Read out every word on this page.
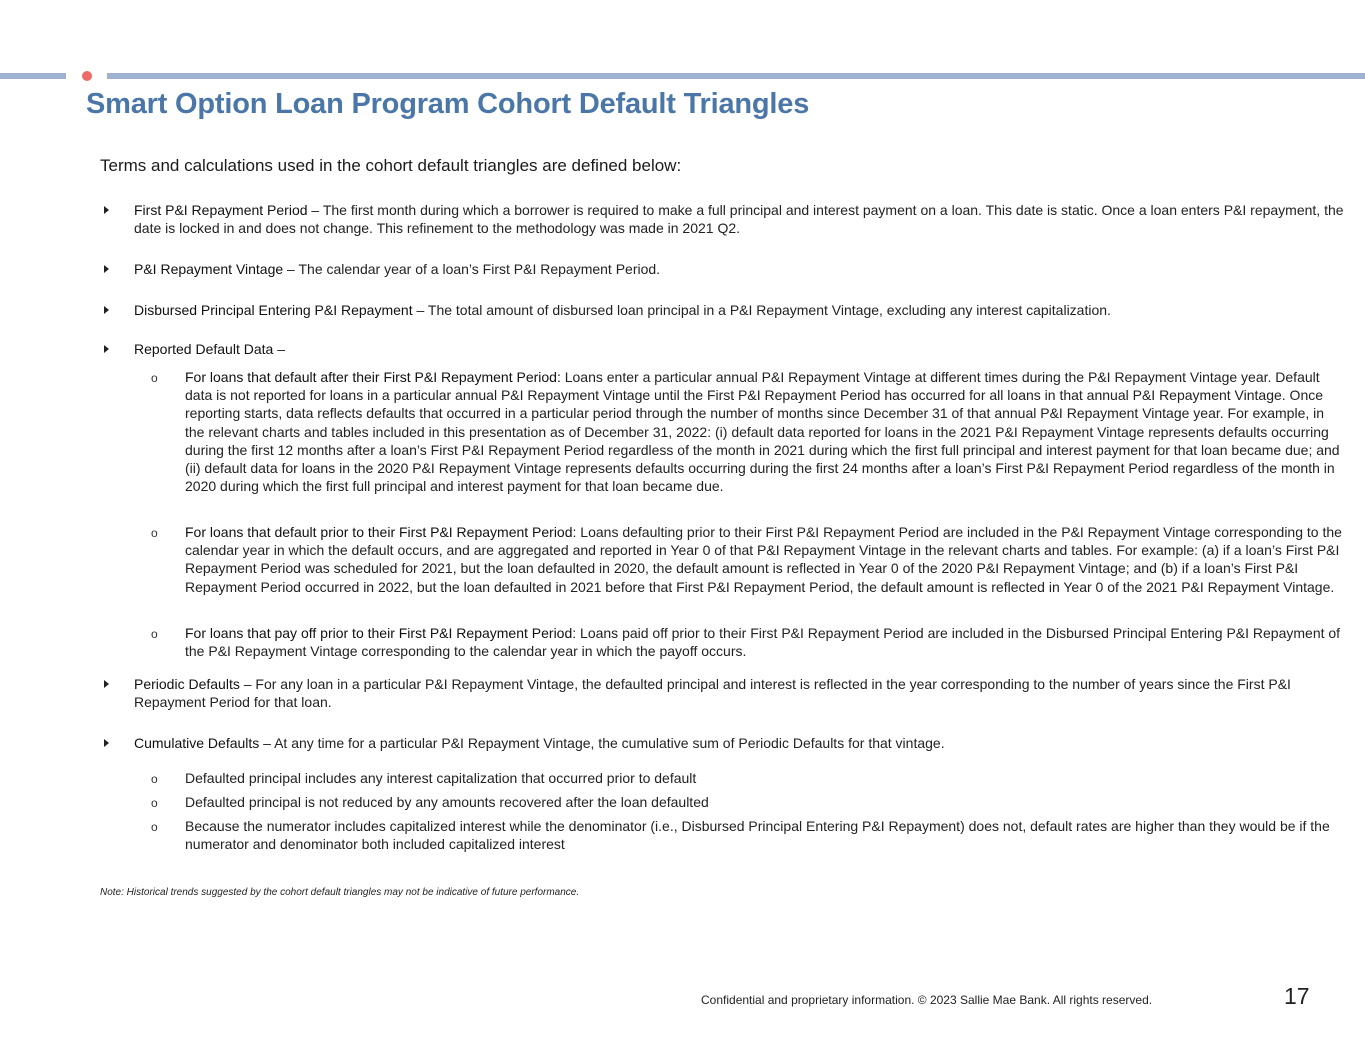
Smart Option Loan Program Cohort Default Triangles
Terms and calculations used in the cohort default triangles are defined below:
First P&I Repayment Period – The first month during which a borrower is required to make a full principal and interest payment on a loan. This date is static. Once a loan enters P&I repayment, the date is locked in and does not change. This refinement to the methodology was made in 2021 Q2.
P&I Repayment Vintage – The calendar year of a loan’s First P&I Repayment Period.
Disbursed Principal Entering P&I Repayment – The total amount of disbursed loan principal in a P&I Repayment Vintage, excluding any interest capitalization.
Reported Default Data –
o For loans that default after their First P&I Repayment Period: Loans enter a particular annual P&I Repayment Vintage at different times during the P&I Repayment Vintage year. Default data is not reported for loans in a particular annual P&I Repayment Vintage until the First P&I Repayment Period has occurred for all loans in that annual P&I Repayment Vintage. Once reporting starts, data reflects defaults that occurred in a particular period through the number of months since December 31 of that annual P&I Repayment Vintage year. For example, in the relevant charts and tables included in this presentation as of December 31, 2022: (i) default data reported for loans in the 2021 P&I Repayment Vintage represents defaults occurring during the first 12 months after a loan’s First P&I Repayment Period regardless of the month in 2021 during which the first full principal and interest payment for that loan became due; and (ii) default data for loans in the 2020 P&I Repayment Vintage represents defaults occurring during the first 24 months after a loan’s First P&I Repayment Period regardless of the month in 2020 during which the first full principal and interest payment for that loan became due.
o For loans that default prior to their First P&I Repayment Period: Loans defaulting prior to their First P&I Repayment Period are included in the P&I Repayment Vintage corresponding to the calendar year in which the default occurs, and are aggregated and reported in Year 0 of that P&I Repayment Vintage in the relevant charts and tables. For example: (a) if a loan’s First P&I Repayment Period was scheduled for 2021, but the loan defaulted in 2020, the default amount is reflected in Year 0 of the 2020 P&I Repayment Vintage; and (b) if a loan’s First P&I Repayment Period occurred in 2022, but the loan defaulted in 2021 before that First P&I Repayment Period, the default amount is reflected in Year 0 of the 2021 P&I Repayment Vintage.
o For loans that pay off prior to their First P&I Repayment Period: Loans paid off prior to their First P&I Repayment Period are included in the Disbursed Principal Entering P&I Repayment of the P&I Repayment Vintage corresponding to the calendar year in which the payoff occurs.
Periodic Defaults – For any loan in a particular P&I Repayment Vintage, the defaulted principal and interest is reflected in the year corresponding to the number of years since the First P&I Repayment Period for that loan.
Cumulative Defaults – At any time for a particular P&I Repayment Vintage, the cumulative sum of Periodic Defaults for that vintage.
o Defaulted principal includes any interest capitalization that occurred prior to default
o Defaulted principal is not reduced by any amounts recovered after the loan defaulted
o Because the numerator includes capitalized interest while the denominator (i.e., Disbursed Principal Entering P&I Repayment) does not, default rates are higher than they would be if the numerator and denominator both included capitalized interest
Note: Historical trends suggested by the cohort default triangles may not be indicative of future performance.
Confidential and proprietary information. © 2023 Sallie Mae Bank. All rights reserved.	17
